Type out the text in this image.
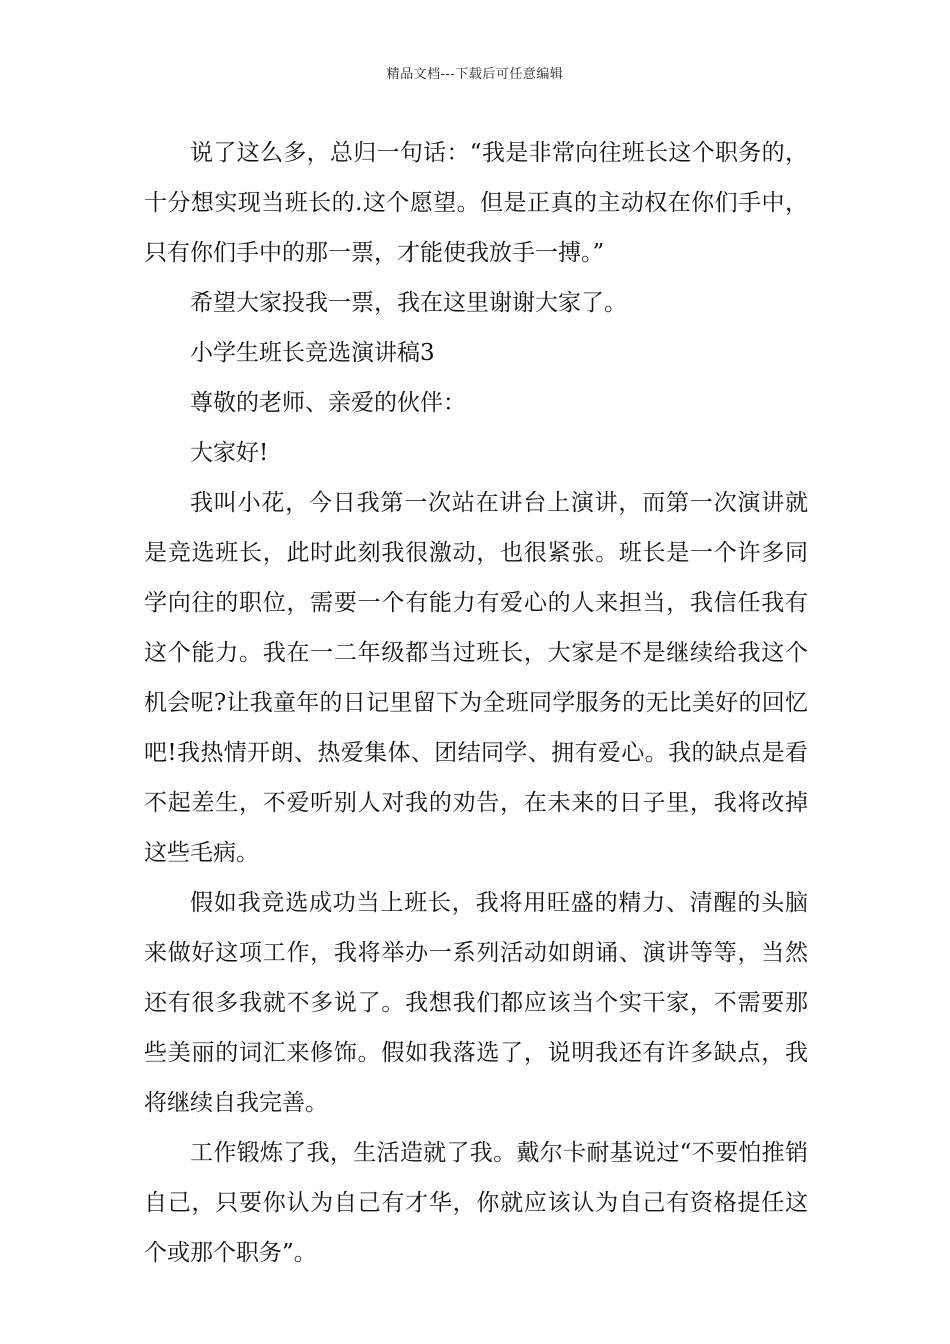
精品文档---下载后可任意编辑

说了这么多，总归一句话：“我是非常向往班长这个职务的，十分想实现当班长的.这个愿望。但是正真的主动权在你们手中，只有你们手中的那一票，才能使我放手一搏。”

希望大家投我一票，我在这里谢谢大家了。

小学生班长竞选演讲稿3

尊敬的老师、亲爱的伙伴：

大家好!

我叫小花，今日我第一次站在讲台上演讲，而第一次演讲就是竞选班长，此时此刻我很激动，也很紧张。班长是一个许多同学向往的职位，需要一个有能力有爱心的人来担当，我信任我有这个能力。我在一二年级都当过班长，大家是不是继续给我这个机会呢?让我童年的日记里留下为全班同学服务的无比美好的回忆吧!我热情开朗、热爱集体、团结同学、拥有爱心。我的缺点是看不起差生，不爱听别人对我的劝告，在未来的日子里，我将改掉这些毛病。

假如我竞选成功当上班长，我将用旺盛的精力、清醒的头脑来做好这项工作，我将举办一系列活动如朗诵、演讲等等，当然还有很多我就不多说了。我想我们都应该当个实干家，不需要那些美丽的词汇来修饰。假如我落选了，说明我还有许多缺点，我将继续自我完善。

工作锻炼了我，生活造就了我。戴尔卡耐基说过“不要怕推销自己，只要你认为自己有才华，你就应该认为自己有资格提任这个或那个职务”。
